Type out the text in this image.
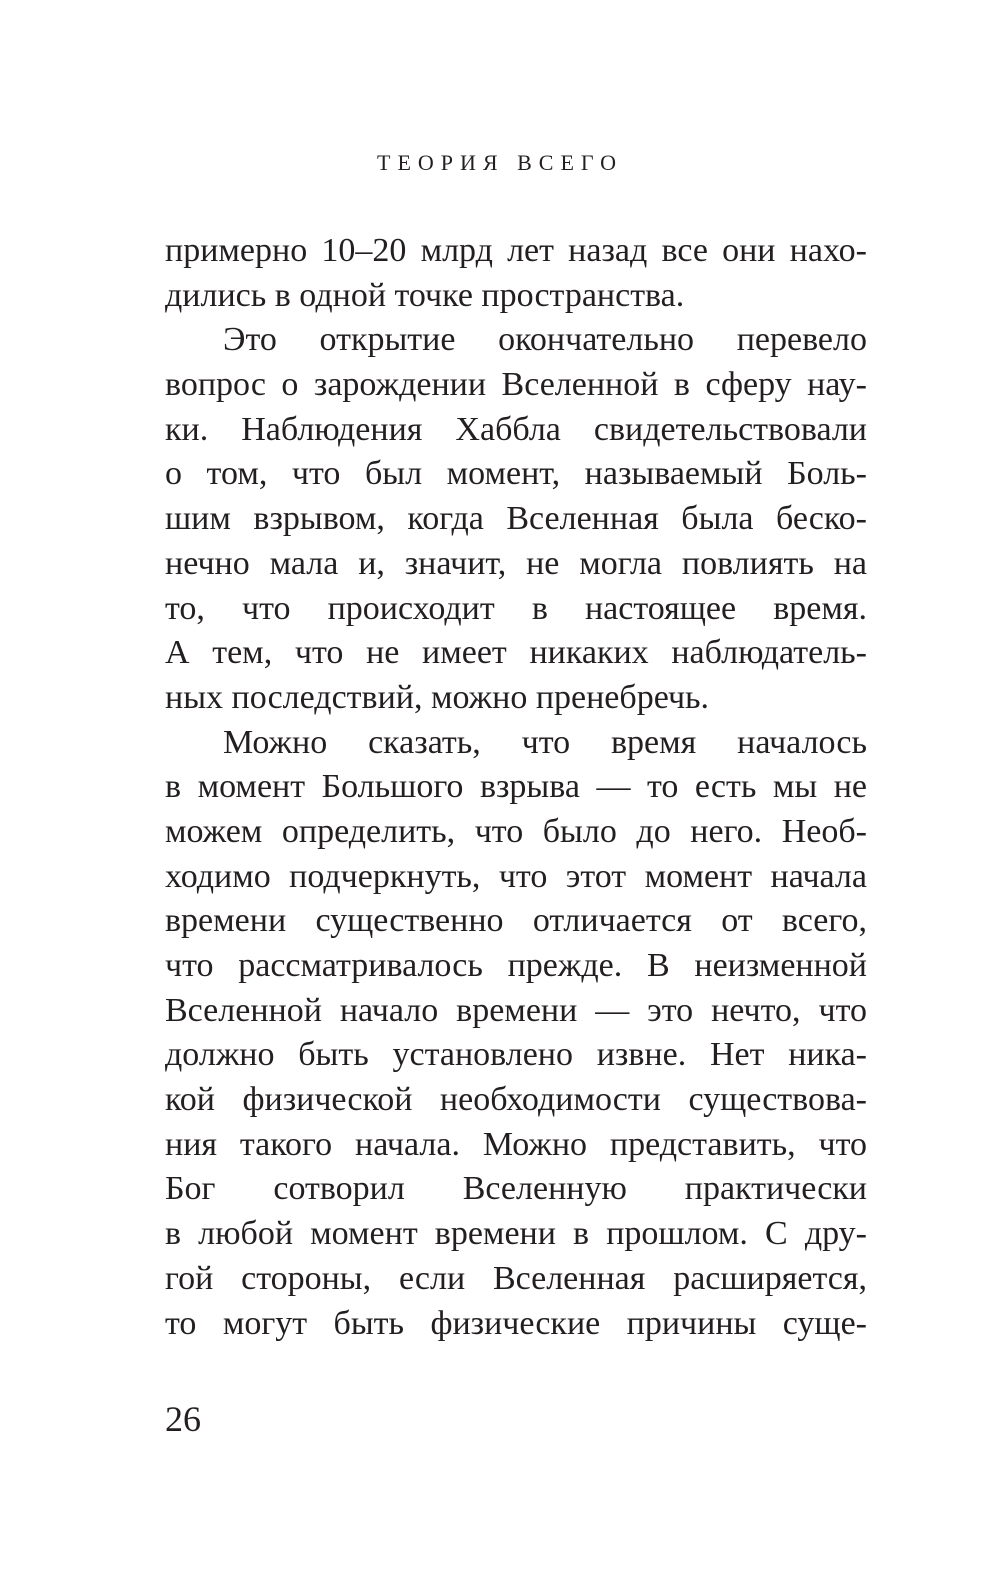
ТЕОРИЯ ВСЕГО
примерно 10–20 млрд лет назад все они нахо-
дились в одной точке пространства.
Это открытие окончательно перевело
вопрос о зарождении Вселенной в сферу нау-
ки. Наблюдения Хаббла свидетельствовали
о том, что был момент, называемый Боль-
шим взрывом, когда Вселенная была беско-
нечно мала и, значит, не могла повлиять на
то, что происходит в настоящее время.
А тем, что не имеет никаких наблюдатель-
ных последствий, можно пренебречь.
Можно сказать, что время началось
в момент Большого взрыва — то есть мы не
можем определить, что было до него. Необ-
ходимо подчеркнуть, что этот момент начала
времени существенно отличается от всего,
что рассматривалось прежде. В неизменной
Вселенной начало времени — это нечто, что
должно быть установлено извне. Нет ника-
кой физической необходимости существова-
ния такого начала. Можно представить, что
Бог сотворил Вселенную практически
в любой момент времени в прошлом. С дру-
гой стороны, если Вселенная расширяется,
то могут быть физические причины суще-
26
